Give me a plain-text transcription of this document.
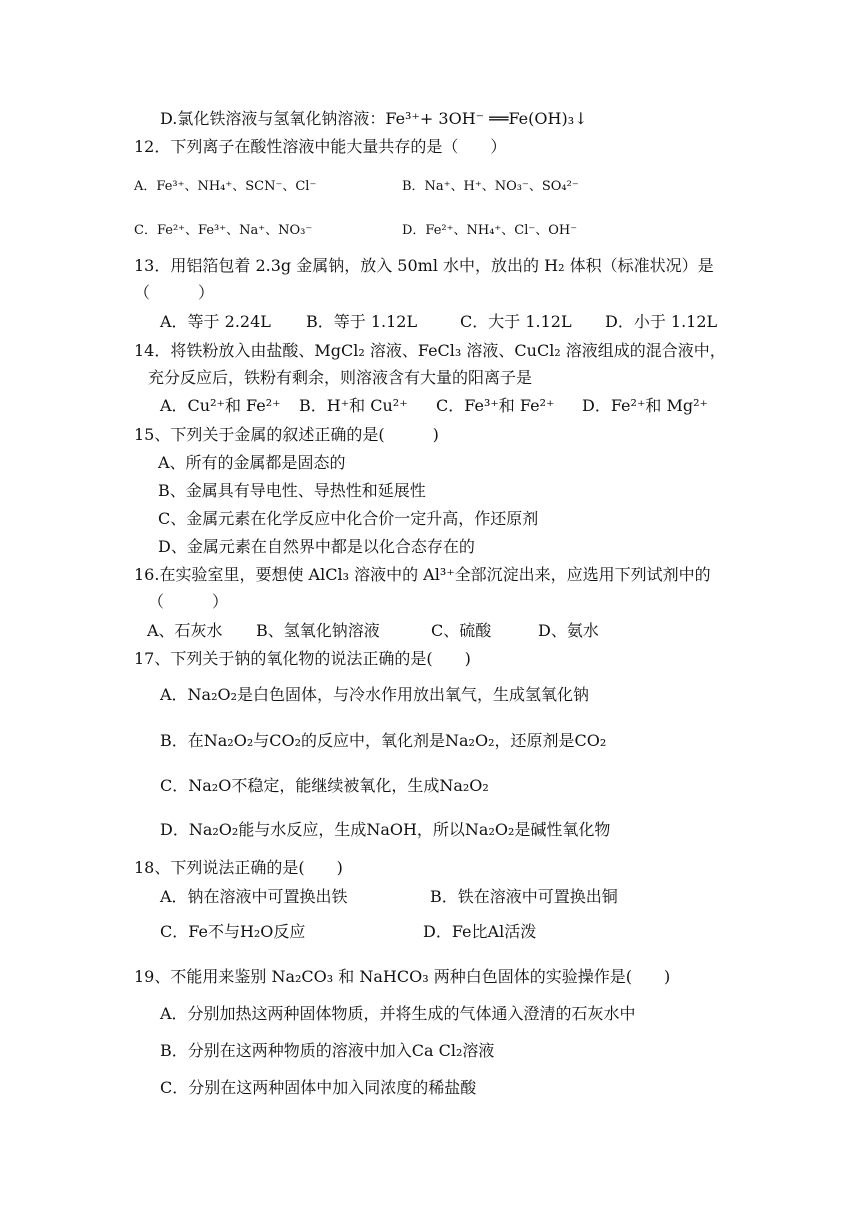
D.氯化铁溶液与氢氧化钠溶液：Fe³⁺+ 3OH⁻ ══Fe(OH)₃↓
12．下列离子在酸性溶液中能大量共存的是（　　）
A．Fe³⁺、NH₄⁺、SCN⁻、Cl⁻	B．Na⁺、H⁺、NO₃⁻、SO₄²⁻
C．Fe²⁺、Fe³⁺、Na⁺、NO₃⁻	D．Fe²⁺、NH₄⁺、Cl⁻、OH⁻
13．用铝箔包着 2.3g 金属钠，放入 50ml 水中，放出的 H₂ 体积（标准状况）是
（　　　）
A．等于 2.24L B．等于 1.12L	C．大于 1.12L D．小于 1.12L
14．将铁粉放入由盐酸、MgCl₂ 溶液、FeCl₃ 溶液、CuCl₂ 溶液组成的混合液中，
充分反应后，铁粉有剩余，则溶液含有大量的阳离子是
A．Cu²⁺和 Fe²⁺ B．H⁺和 Cu²⁺ C．Fe³⁺和 Fe²⁺ D．Fe²⁺和 Mg²⁺
15、下列关于金属的叙述正确的是(　　　)
A、所有的金属都是固态的
B、金属具有导电性、导热性和延展性
C、金属元素在化学反应中化合价一定升高，作还原剂
D、金属元素在自然界中都是以化合态存在的
16.在实验室里，要想使 AlCl₃ 溶液中的 Al³⁺全部沉淀出来，应选用下列试剂中的
（　　　）
A、石灰水 B、氢氧化钠溶液	C、硫酸	D、氨水
17、下列关于钠的氧化物的说法正确的是(　　)
A．Na₂O₂是白色固体，与冷水作用放出氧气，生成氢氧化钠
B．在Na₂O₂与CO₂的反应中，氧化剂是Na₂O₂，还原剂是CO₂
C．Na₂O不稳定，能继续被氧化，生成Na₂O₂
D．Na₂O₂能与水反应，生成NaOH，所以Na₂O₂是碱性氧化物
18、下列说法正确的是(　　)
A．钠在溶液中可置换出铁	B．铁在溶液中可置换出铜
C．Fe不与H₂O反应	D．Fe比Al活泼
19、不能用来鉴别 Na₂CO₃ 和 NaHCO₃ 两种白色固体的实验操作是(　　)
A．分别加热这两种固体物质，并将生成的气体通入澄清的石灰水中
B．分别在这两种物质的溶液中加入Ca Cl₂溶液
C．分别在这两种固体中加入同浓度的稀盐酸
